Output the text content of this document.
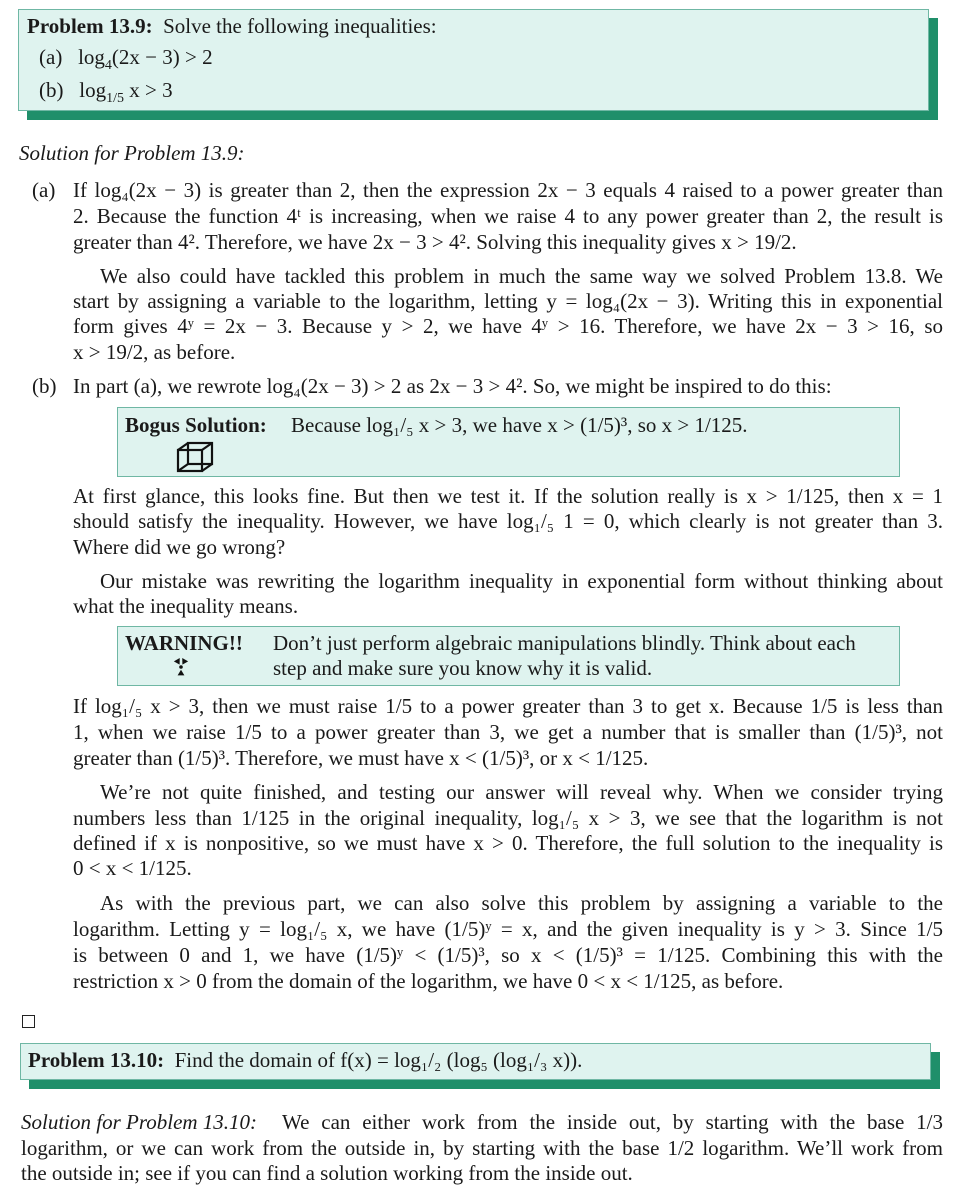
Problem 13.9: Solve the following inequalities:
(a) $\log_4(2x - 3) > 2$
(b) $\log_{1/5} x > 3$
Solution for Problem 13.9:
(a) If log₄(2x − 3) is greater than 2, then the expression 2x − 3 equals 4 raised to a power greater than
2. Because the function 4ᵗ is increasing, when we raise 4 to any power greater than 2, the result is
greater than 4². Therefore, we have 2x − 3 > 4². Solving this inequality gives x > 19/2.
We also could have tackled this problem in much the same way we solved Problem 13.8. We
start by assigning a variable to the logarithm, letting y = log₄(2x − 3). Writing this in exponential
form gives 4ʸ = 2x − 3. Because y > 2, we have 4ʸ > 16. Therefore, we have 2x − 3 > 16, so
x > 19/2, as before.
(b) In part (a), we rewrote log₄(2x − 3) > 2 as 2x − 3 > 4². So, we might be inspired to do this:
Bogus Solution: Because log₁/₅ x > 3, we have x > (1/5)³, so x > 1/125.
At first glance, this looks fine. But then we test it. If the solution really is x > 1/125, then x = 1
should satisfy the inequality. However, we have log₁/₅ 1 = 0, which clearly is not greater than 3.
Where did we go wrong?
Our mistake was rewriting the logarithm inequality in exponential form without thinking about
what the inequality means.
WARNING!! Don’t just perform algebraic manipulations blindly. Think about each
step and make sure you know why it is valid.
If log₁/₅ x > 3, then we must raise 1/5 to a power greater than 3 to get x. Because 1/5 is less than
1, when we raise 1/5 to a power greater than 3, we get a number that is smaller than (1/5)³, not
greater than (1/5)³. Therefore, we must have x < (1/5)³, or x < 1/125.
We’re not quite finished, and testing our answer will reveal why. When we consider trying
numbers less than 1/125 in the original inequality, log₁/₅ x > 3, we see that the logarithm is not
defined if x is nonpositive, so we must have x > 0. Therefore, the full solution to the inequality is
0 < x < 1/125.
As with the previous part, we can also solve this problem by assigning a variable to the
logarithm. Letting y = log₁/₅ x, we have (1/5)ʸ = x, and the given inequality is y > 3. Since 1/5
is between 0 and 1, we have (1/5)ʸ < (1/5)³, so x < (1/5)³ = 1/125. Combining this with the
restriction x > 0 from the domain of the logarithm, we have 0 < x < 1/125, as before.
Problem 13.10: Find the domain of f(x) = log₁/₂ (log₅ (log₁/₃ x)).
Solution for Problem 13.10: We can either work from the inside out, by starting with the base 1/3
logarithm, or we can work from the outside in, by starting with the base 1/2 logarithm. We’ll work from
the outside in; see if you can find a solution working from the inside out.
